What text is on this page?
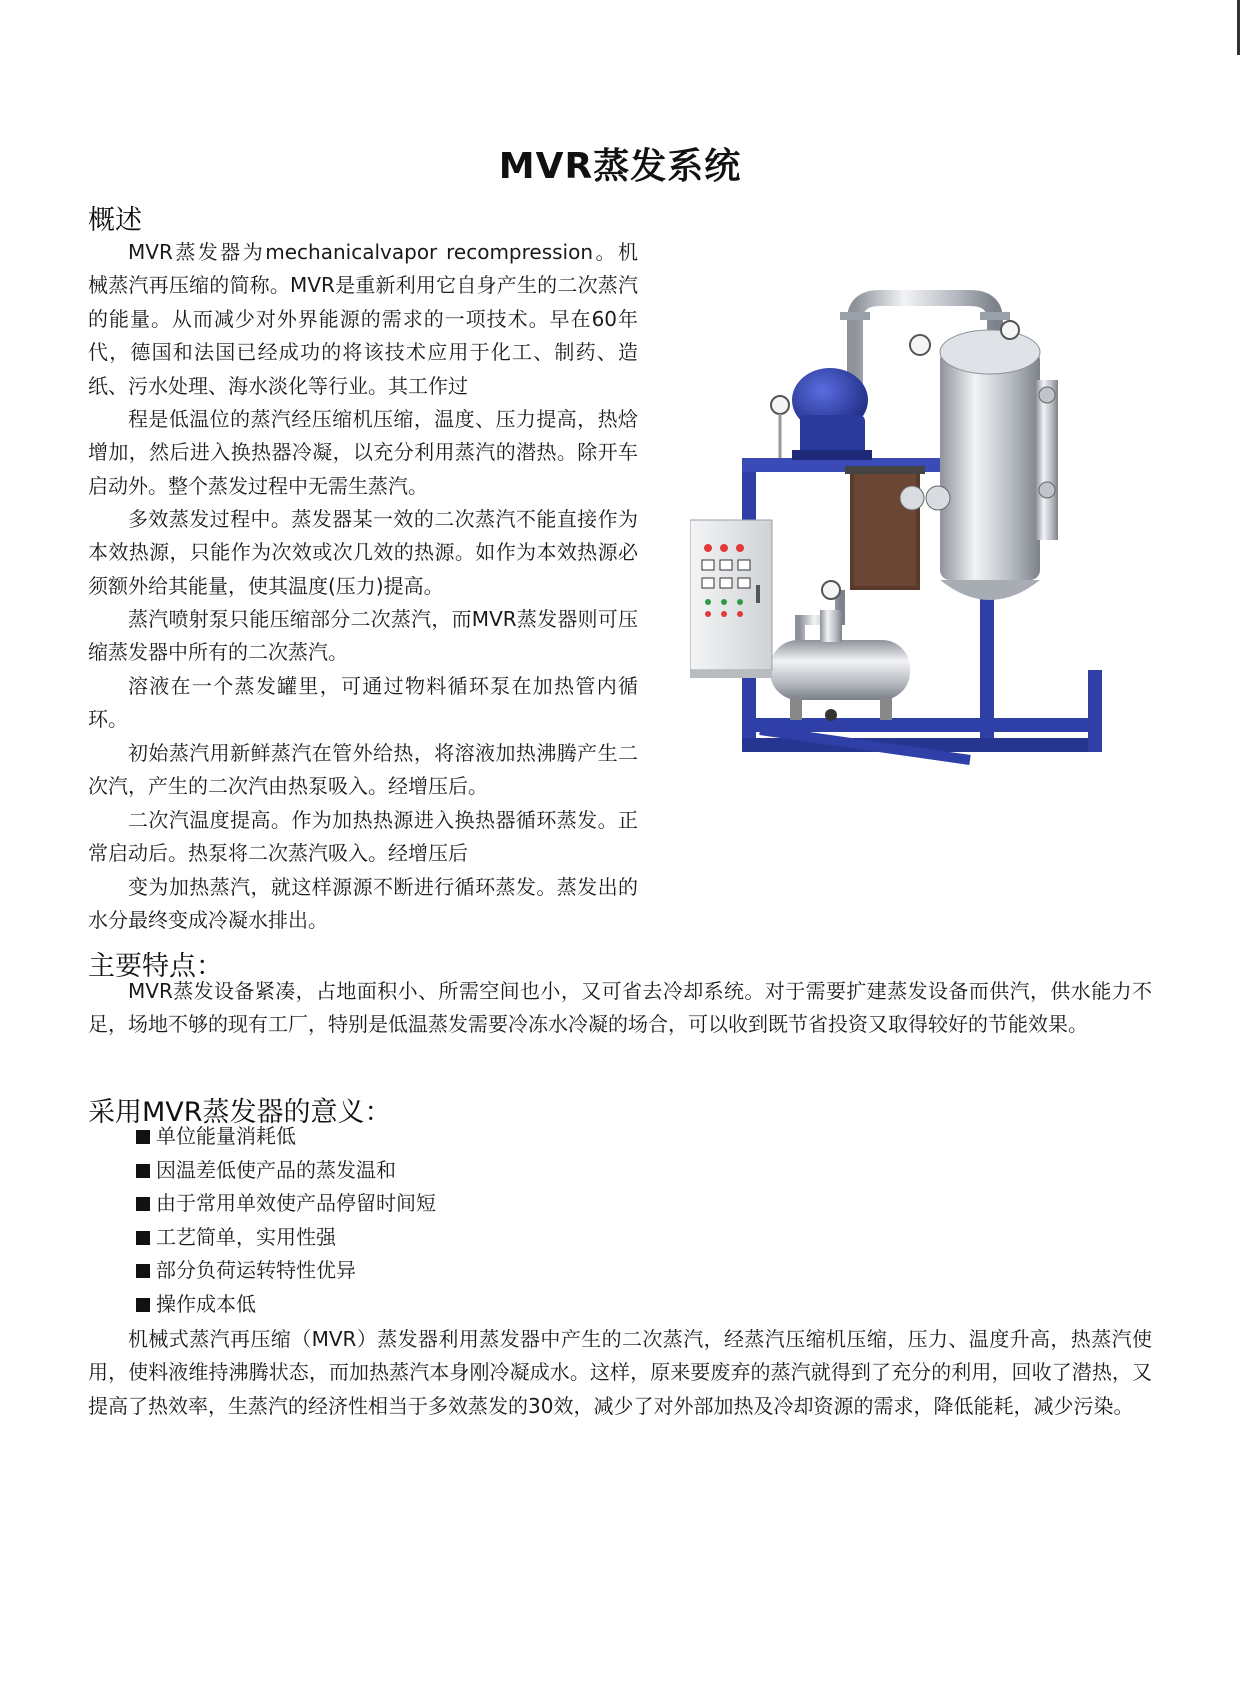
MVR蒸发系统
概述

MVR蒸发器为mechanicalvapor recompression。机械蒸汽再压缩的简称。MVR是重新利用它自身产生的二次蒸汽的能量。从而减少对外界能源的需求的一项技术。早在60年代，德国和法国已经成功的将该技术应用于化工、制药、造纸、污水处理、海水淡化等行业。其工作过

程是低温位的蒸汽经压缩机压缩，温度、压力提高，热焓增加，然后进入换热器冷凝，以充分利用蒸汽的潜热。除开车启动外。整个蒸发过程中无需生蒸汽。

多效蒸发过程中。蒸发器某一效的二次蒸汽不能直接作为本效热源，只能作为次效或次几效的热源。如作为本效热源必须额外给其能量，使其温度(压力)提高。

蒸汽喷射泵只能压缩部分二次蒸汽，而MVR蒸发器则可压缩蒸发器中所有的二次蒸汽。

溶液在一个蒸发罐里，可通过物料循环泵在加热管内循环。

初始蒸汽用新鲜蒸汽在管外给热，将溶液加热沸腾产生二次汽，产生的二次汽由热泵吸入。经增压后。

二次汽温度提高。作为加热热源进入换热器循环蒸发。正常启动后。热泵将二次蒸汽吸入。经增压后

变为加热蒸汽，就这样源源不断进行循环蒸发。蒸发出的水分最终变成冷凝水排出。

主要特点：

MVR蒸发设备紧凑，占地面积小、所需空间也小，又可省去冷却系统。对于需要扩建蒸发设备而供汽，供水能力不足，场地不够的现有工厂，特别是低温蒸发需要冷冻水冷凝的场合，可以收到既节省投资又取得较好的节能效果。

采用MVR蒸发器的意义：
单位能量消耗低
因温差低使产品的蒸发温和
由于常用单效使产品停留时间短
工艺简单，实用性强
部分负荷运转特性优异
操作成本低

机械式蒸汽再压缩（MVR）蒸发器利用蒸发器中产生的二次蒸汽，经蒸汽压缩机压缩，压力、温度升高，热蒸汽使用，使料液维持沸腾状态，而加热蒸汽本身刚冷凝成水。这样，原来要废弃的蒸汽就得到了充分的利用，回收了潜热，又提高了热效率，生蒸汽的经济性相当于多效蒸发的30效，减少了对外部加热及冷却资源的需求，降低能耗，减少污染。
